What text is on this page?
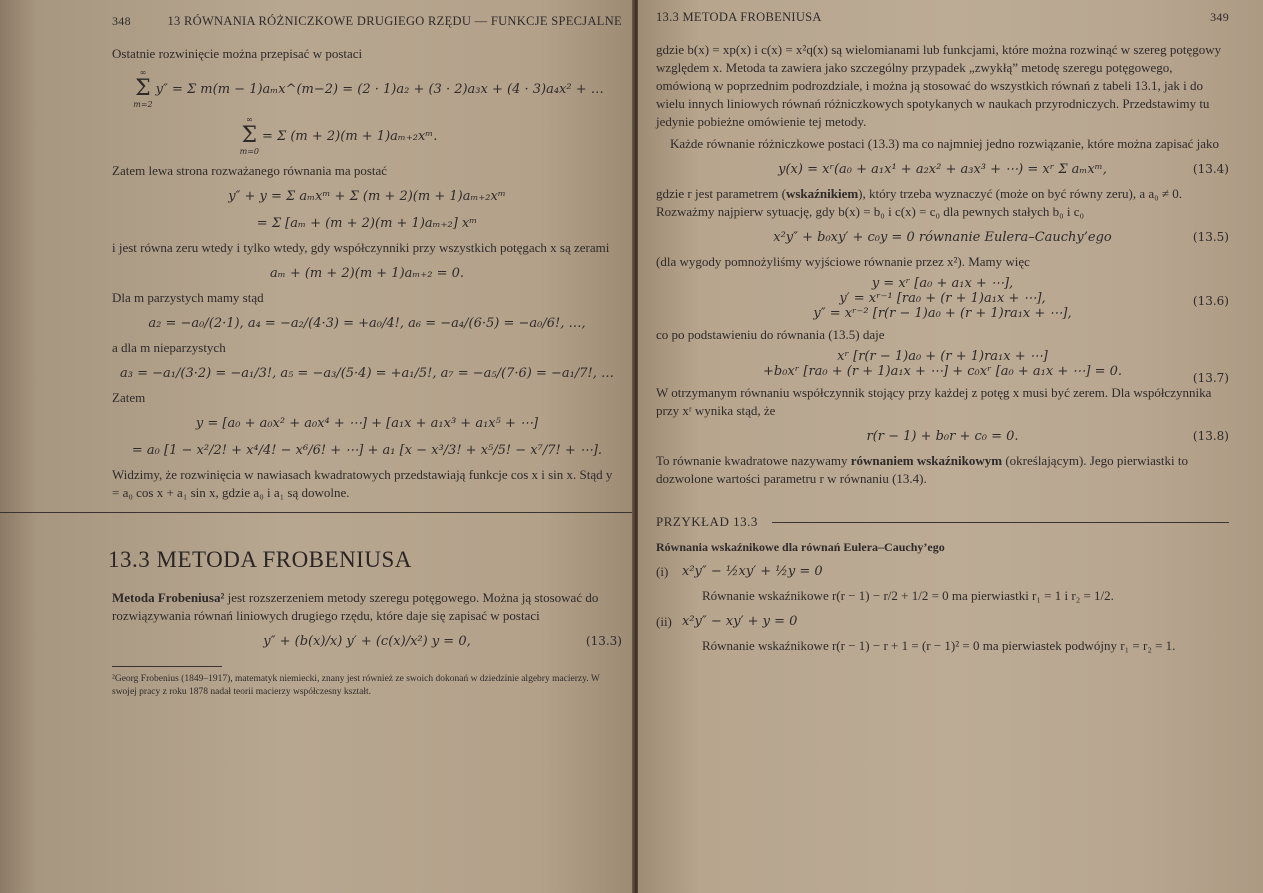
348	13 RÓWNANIA RÓŻNICZKOWE DRUGIEGO RZĘDU — FUNKCJE SPECJALNE

Ostatnie rozwinięcie można przepisać w postaci

∞
Σ
m=2
y″ = Σ m(m − 1)aₘx^(m−2) = (2 · 1)a₂ + (3 · 2)a₃x + (4 · 3)a₄x² + …
∞
Σ
m=0
= Σ (m + 2)(m + 1)aₘ₊₂xᵐ.

Zatem lewa strona rozważanego równania ma postać

y″ + y = Σ aₘxᵐ + Σ (m + 2)(m + 1)aₘ₊₂xᵐ
= Σ [aₘ + (m + 2)(m + 1)aₘ₊₂] xᵐ

i jest równa zeru wtedy i tylko wtedy, gdy współczynniki przy wszystkich potęgach x są zerami

aₘ + (m + 2)(m + 1)aₘ₊₂ = 0.

Dla m parzystych mamy stąd

a₂ = −a₀/(2·1), a₄ = −a₂/(4·3) = +a₀/4!, a₆ = −a₄/(6·5) = −a₀/6!, …,

a dla m nieparzystych

a₃ = −a₁/(3·2) = −a₁/3!, a₅ = −a₃/(5·4) = +a₁/5!, a₇ = −a₅/(7·6) = −a₁/7!, …

Zatem

y = [a₀ + a₀x² + a₀x⁴ + ⋯] + [a₁x + a₁x³ + a₁x⁵ + ⋯]
= a₀ [1 − x²/2! + x⁴/4! − x⁶/6! + ⋯] + a₁ [x − x³/3! + x⁵/5! − x⁷/7! + ⋯].

Widzimy, że rozwinięcia w nawiasach kwadratowych przedstawiają funkcje cos x i sin x. Stąd y = a₀ cos x + a₁ sin x, gdzie a₀ i a₁ są dowolne.

13.3 METODA FROBENIUSA

Metoda Frobeniusa² jest rozszerzeniem metody szeregu potęgowego. Można ją stosować do rozwiązywania równań liniowych drugiego rzędu, które daje się zapisać w postaci

y″ + (b(x)/x) y′ + (c(x)/x²) y = 0,	(13.3)
²Georg Frobenius (1849–1917), matematyk niemiecki, znany jest również ze swoich dokonań w dziedzinie algebry macierzy. W swojej pracy z roku 1878 nadał teorii macierzy współczesny kształt.
13.3 METODA FROBENIUSA	349

gdzie b(x) = xp(x) i c(x) = x²q(x) są wielomianami lub funkcjami, które można rozwinąć w szereg potęgowy względem x. Metoda ta zawiera jako szczególny przypadek „zwykłą” metodę szeregu potęgowego, omówioną w poprzednim podrozdziale, i można ją stosować do wszystkich równań z tabeli 13.1, jak i do wielu innych liniowych równań różniczkowych spotykanych w naukach przyrodniczych. Przedstawimy tu jedynie pobieżne omówienie tej metody.

Każde równanie różniczkowe postaci (13.3) ma co najmniej jedno rozwiązanie, które można zapisać jako

y(x) = xʳ(a₀ + a₁x¹ + a₂x² + a₃x³ + ⋯) = xʳ Σ aₘxᵐ,	(13.4)

gdzie r jest parametrem (wskaźnikiem), który trzeba wyznaczyć (może on być równy zeru), a a₀ ≠ 0. Rozważmy najpierw sytuację, gdy b(x) = b₀ i c(x) = c₀ dla pewnych stałych b₀ i c₀

x²y″ + b₀xy′ + c₀y = 0 równanie Eulera–Cauchy’ego	(13.5)

(dla wygody pomnożyliśmy wyjściowe równanie przez x²). Mamy więc

y = xʳ [a₀ + a₁x + ⋯],
y′ = xʳ⁻¹ [ra₀ + (r + 1)a₁x + ⋯],
y″ = xʳ⁻² [r(r − 1)a₀ + (r + 1)ra₁x + ⋯],
(13.6)

co po podstawieniu do równania (13.5) daje

xʳ [r(r − 1)a₀ + (r + 1)ra₁x + ⋯]
+b₀xʳ [ra₀ + (r + 1)a₁x + ⋯] + c₀xʳ [a₀ + a₁x + ⋯] = 0.	(13.7)

W otrzymanym równaniu współczynnik stojący przy każdej z potęg x musi być zerem. Dla współczynnika przy xʳ wynika stąd, że

r(r − 1) + b₀r + c₀ = 0.	(13.8)

To równanie kwadratowe nazywamy równaniem wskaźnikowym (określającym). Jego pierwiastki to dozwolone wartości parametru r w równaniu (13.4).

PRZYKŁAD 13.3
Równania wskaźnikowe dla równań Eulera–Cauchy’ego
(i)	x²y″ − ½xy′ + ½y = 0
Równanie wskaźnikowe r(r − 1) − r/2 + 1/2 = 0 ma pierwiastki r₁ = 1 i r₂ = 1/2.
(ii) x²y″ − xy′ + y = 0
Równanie wskaźnikowe r(r − 1) − r + 1 = (r − 1)² = 0 ma pierwiastek podwójny r₁ = r₂ = 1.
